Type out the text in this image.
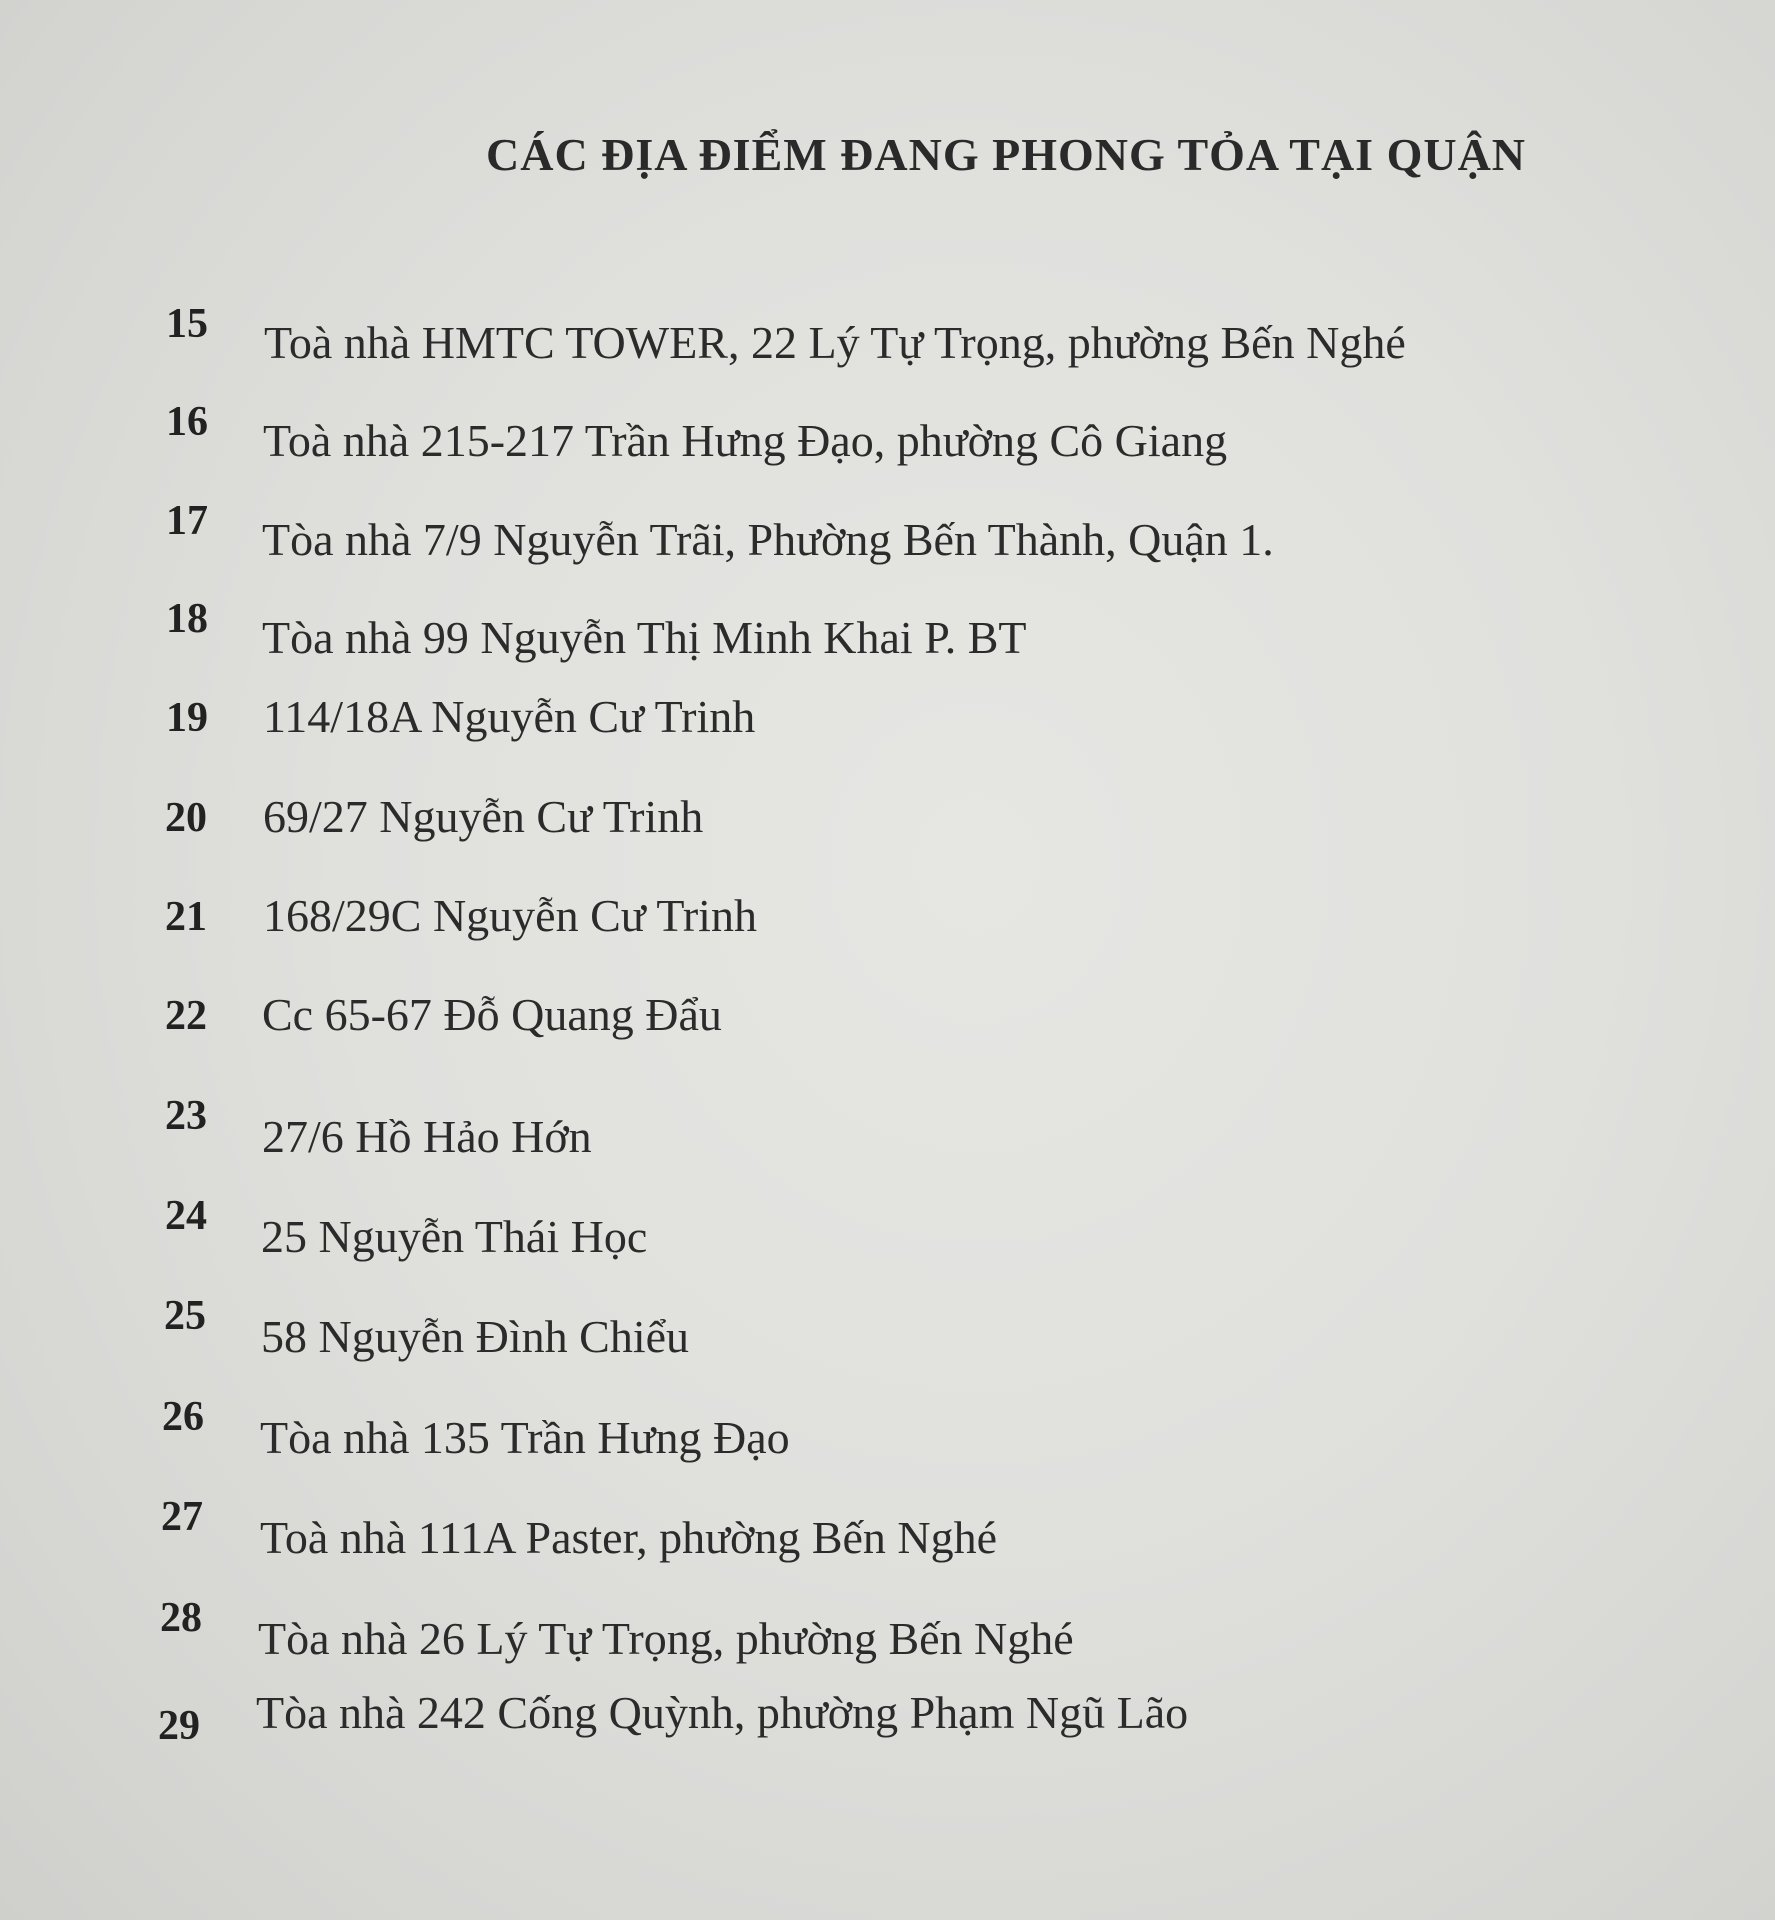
CÁC ĐỊA ĐIỂM ĐANG PHONG TỎA TẠI QUẬN
15 Toà nhà HMTC TOWER, 22 Lý Tự Trọng, phường Bến Nghé
16 Toà nhà 215-217 Trần Hưng Đạo, phường Cô Giang
17 Tòa nhà 7/9 Nguyễn Trãi, Phường Bến Thành, Quận 1.
18 Tòa nhà 99 Nguyễn Thị Minh Khai P. BT
19 114/18A Nguyễn Cư Trinh
20 69/27 Nguyễn Cư Trinh
21 168/29C Nguyễn Cư Trinh
22 Cc 65-67 Đỗ Quang Đẩu
23 27/6 Hồ Hảo Hớn
24 25 Nguyễn Thái Học
25 58 Nguyễn Đình Chiểu
26 Tòa nhà 135 Trần Hưng Đạo
27 Toà nhà 111A Paster, phường Bến Nghé
28 Tòa nhà 26 Lý Tự Trọng, phường Bến Nghé
29 Tòa nhà 242 Cống Quỳnh, phường Phạm Ngũ Lão
